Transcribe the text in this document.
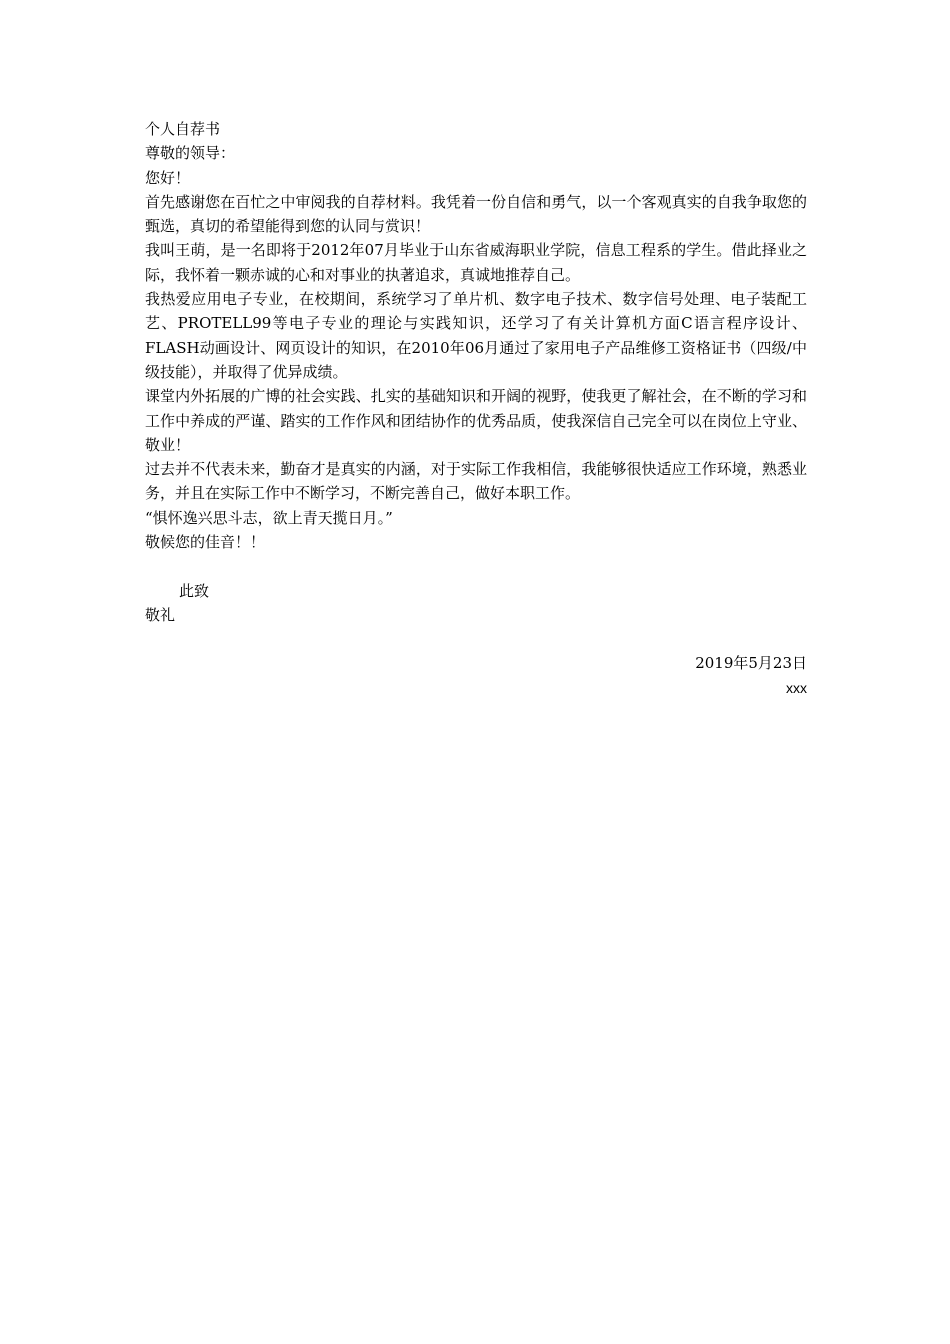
个人自荐书

尊敬的领导：

您好！

首先感谢您在百忙之中审阅我的自荐材料。我凭着一份自信和勇气，以一个客观真实的自我争取您的甄选，真切的希望能得到您的认同与赏识！

我叫王萌，是一名即将于2012年07月毕业于山东省威海职业学院，信息工程系的学生。借此择业之际，我怀着一颗赤诚的心和对事业的执著追求，真诚地推荐自己。

我热爱应用电子专业，在校期间，系统学习了单片机、数字电子技术、数字信号处理、电子装配工艺、PROTELL99等电子专业的理论与实践知识，还学习了有关计算机方面C语言程序设计、FLASH动画设计、网页设计的知识，在2010年06月通过了家用电子产品维修工资格证书（四级/中级技能），并取得了优异成绩。

课堂内外拓展的广博的社会实践、扎实的基础知识和开阔的视野，使我更了解社会，在不断的学习和工作中养成的严谨、踏实的工作作风和团结协作的优秀品质，使我深信自己完全可以在岗位上守业、敬业！

过去并不代表未来，勤奋才是真实的内涵，对于实际工作我相信，我能够很快适应工作环境，熟悉业务，并且在实际工作中不断学习，不断完善自己，做好本职工作。

“惧怀逸兴思斗志，欲上青天揽日月。”

敬候您的佳音！！

此致

敬礼

2019年5月23日

xxx
